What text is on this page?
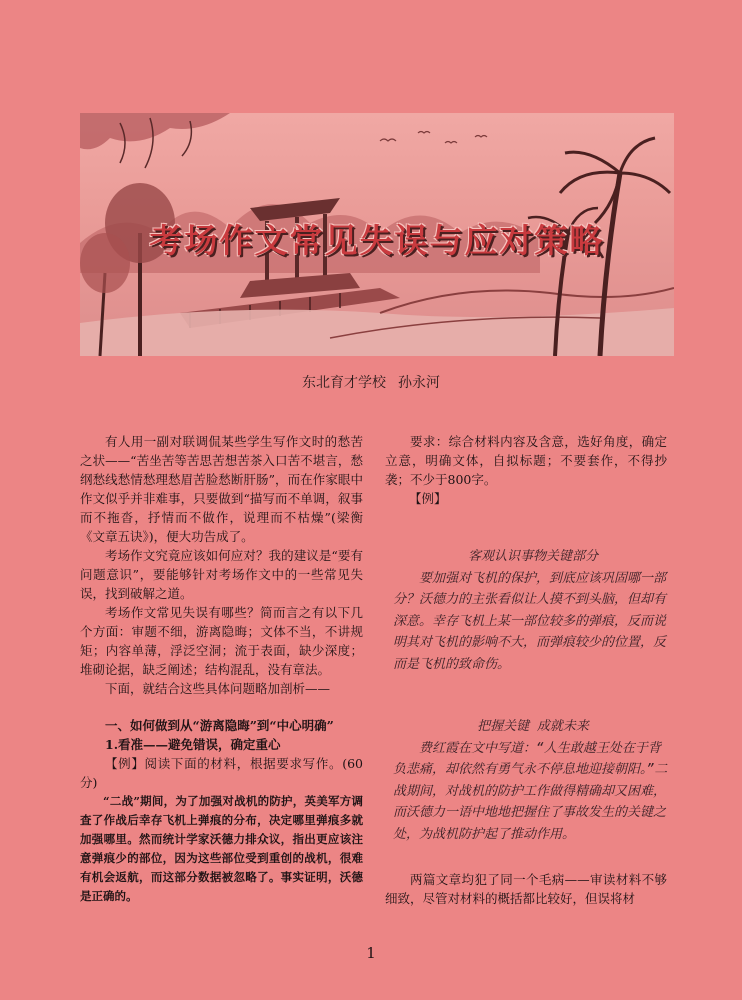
考场作文常见失误与应对策略
东北育才学校 孙永河

有人用一副对联调侃某些学生写作文时的愁苦之状——“苦坐苦等苦思苦想苦茶入口苦不堪言，愁纲愁线愁情愁理愁眉苦脸愁断肝肠”，而在作家眼中作文似乎并非难事，只要做到“描写而不单调，叙事而不拖沓，抒情而不做作，说理而不枯燥”(梁衡《文章五诀》)，便大功告成了。

考场作文究竟应该如何应对？我的建议是“要有问题意识”，要能够针对考场作文中的一些常见失误，找到破解之道。

考场作文常见失误有哪些？简而言之有以下几个方面：审题不细，游离隐晦；文体不当，不讲规矩；内容单薄，浮泛空洞；流于表面，缺少深度；堆砌论据，缺乏阐述；结构混乱，没有章法。

下面，就结合这些具体问题略加剖析——

一、如何做到从“游离隐晦”到“中心明确”

1.看准——避免错误，确定重心

【例】阅读下面的材料，根据要求写作。(60分)

“二战”期间，为了加强对战机的防护，英美军方调查了作战后幸存飞机上弹痕的分布，决定哪里弹痕多就加强哪里。然而统计学家沃德力排众议，指出更应该注意弹痕少的部位，因为这些部位受到重创的战机，很难有机会返航，而这部分数据被忽略了。事实证明，沃德是正确的。

要求：综合材料内容及含意，选好角度，确定立意，明确文体，自拟标题；不要套作，不得抄袭；不少于800字。

【例】

客观认识事物关键部分

要加强对飞机的保护，到底应该巩固哪一部分？沃德力的主张看似让人摸不到头脑，但却有深意。幸存飞机上某一部位较多的弹痕，反而说明其对飞机的影响不大，而弹痕较少的位置，反而是飞机的致命伤。

把握关键 成就未来

费红霞在文中写道：“人生敢越王处在于背负悲痛，却依然有勇气永不停息地迎接朝阳。”二战期间，对战机的防护工作做得精确却又困难，而沃德力一语中地地把握住了事故发生的关键之处，为战机防护起了推动作用。

两篇文章均犯了同一个毛病——审读材料不够细致，尽管对材料的概括都比较好，但误将材

1
